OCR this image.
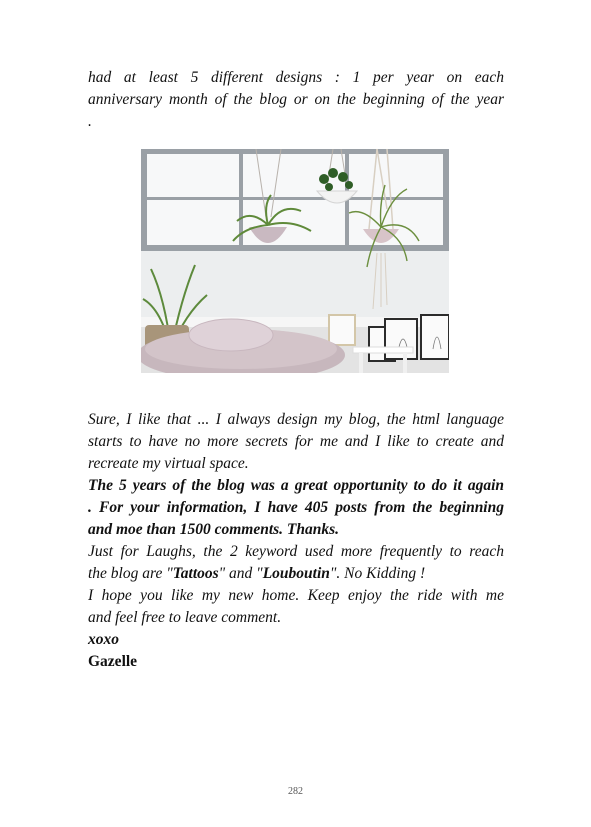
had at least 5 different designs : 1 per year on each
anniversary month of the blog or on the beginning of the year
.
Sure, I like that ... I always design my blog, the html language
starts to have no more secrets for me and I like to create and
recreate my virtual space.
The 5 years of the blog was a great opportunity to do it again
. For your information, I have 405 posts from the beginning
and moe than 1500 comments. Thanks.
Just for Laughs, the 2 keyword used more frequently to reach
the blog are "Tattoos" and "Louboutin". No Kidding !
I hope you like my new home. Keep enjoy the ride with me
and feel free to leave comment.
xoxo
Gazelle
282
